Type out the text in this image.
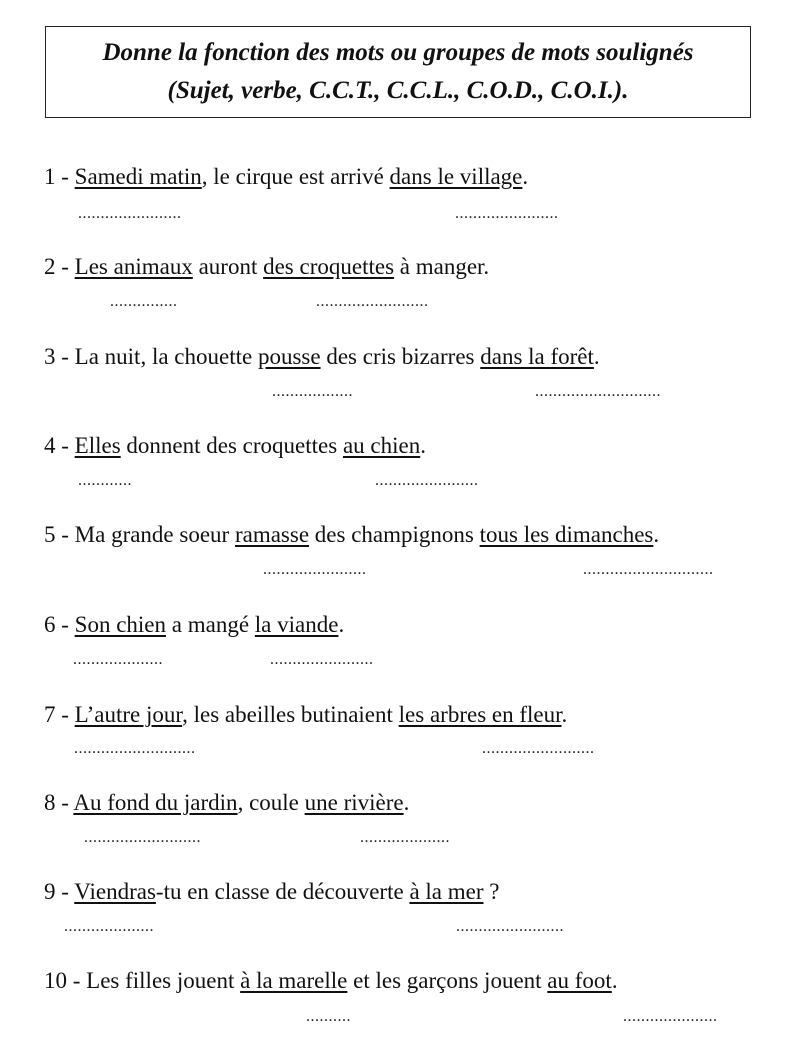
Donne la fonction des mots ou groupes de mots soulignés
(Sujet, verbe, C.C.T., C.C.L., C.O.D., C.O.I.).
1 - Samedi matin, le cirque est arrivé dans le village.
.......................	.......................
2 - Les animaux auront des croquettes à manger.
...............	.........................
3 - La nuit, la chouette pousse des cris bizarres dans la forêt.
..................	............................
4 - Elles donnent des croquettes au chien.
............	.......................
5 - Ma grande soeur ramasse des champignons tous les dimanches.
.......................	.............................
6 - Son chien a mangé la viande.
....................	.......................
7 - L’autre jour, les abeilles butinaient les arbres en fleur.
...........................	.........................
8 - Au fond du jardin, coule une rivière.
..........................	....................
9 - Viendras-tu en classe de découverte à la mer ?
....................	........................
10 - Les filles jouent à la marelle et les garçons jouent au foot.
..........	.....................
